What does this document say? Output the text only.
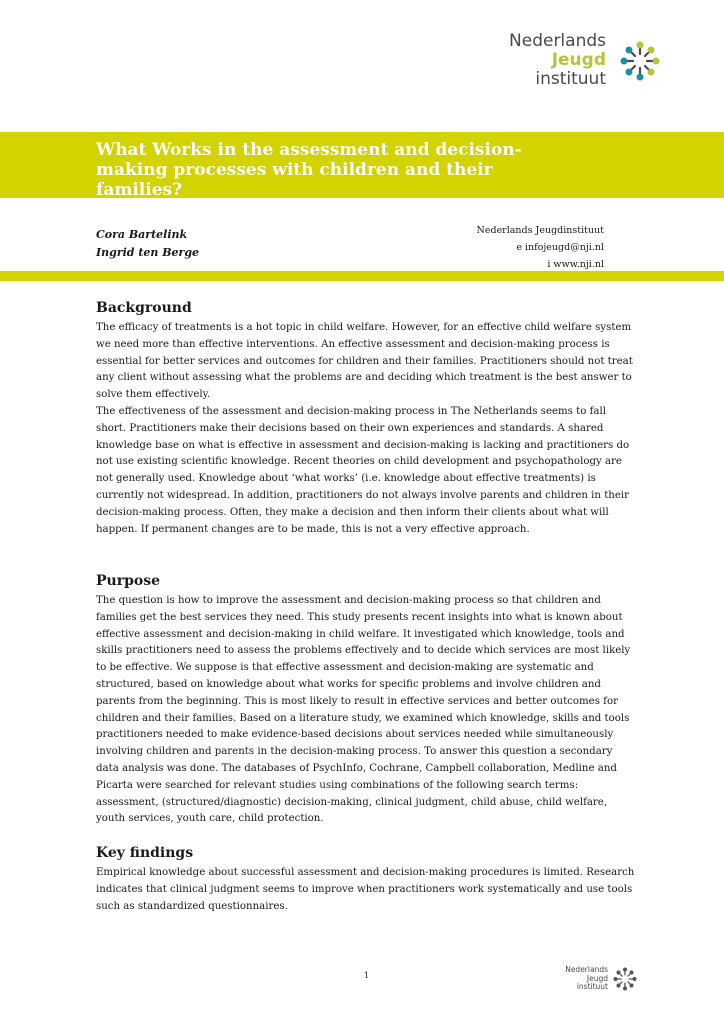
Nederlands
Jeugd
instituut
What Works in the assessment and decision-making processes with children and their families?
Cora Bartelink
Ingrid ten Berge
Nederlands Jeugdinstituut
e infojeugd@nji.nl
i www.nji.nl
Background

The efficacy of treatments is a hot topic in child welfare. However, for an effective child welfare system we need more than effective interventions. An effective assessment and decision-making process is essential for better services and outcomes for children and their families. Practitioners should not treat any client without assessing what the problems are and deciding which treatment is the best answer to solve them effectively.

The effectiveness of the assessment and decision-making process in The Netherlands seems to fall short. Practitioners make their decisions based on their own experiences and standards. A shared knowledge base on what is effective in assessment and decision-making is lacking and practitioners do not use existing scientific knowledge. Recent theories on child development and psychopathology are not generally used. Knowledge about ‘what works’ (i.e. knowledge about effective treatments) is currently not widespread. In addition, practitioners do not always involve parents and children in their decision-making process. Often, they make a decision and then inform their clients about what will happen. If permanent changes are to be made, this is not a very effective approach.

Purpose

The question is how to improve the assessment and decision-making process so that children and families get the best services they need. This study presents recent insights into what is known about effective assessment and decision-making in child welfare. It investigated which knowledge, tools and skills practitioners need to assess the problems effectively and to decide which services are most likely to be effective. We suppose is that effective assessment and decision-making are systematic and structured, based on knowledge about what works for specific problems and involve children and parents from the beginning. This is most likely to result in effective services and better outcomes for children and their families. Based on a literature study, we examined which knowledge, skills and tools practitioners needed to make evidence-based decisions about services needed while simultaneously involving children and parents in the decision-making process. To answer this question a secondary data analysis was done. The databases of PsychInfo, Cochrane, Campbell collaboration, Medline and Picarta were searched for relevant studies using combinations of the following search terms: assessment, (structured/diagnostic) decision-making, clinical judgment, child abuse, child welfare, youth services, youth care, child protection.

Key findings

Empirical knowledge about successful assessment and decision-making procedures is limited. Research indicates that clinical judgment seems to improve when practitioners work systematically and use tools such as standardized questionnaires.

1
Nederlands
Jeugd
instituut
